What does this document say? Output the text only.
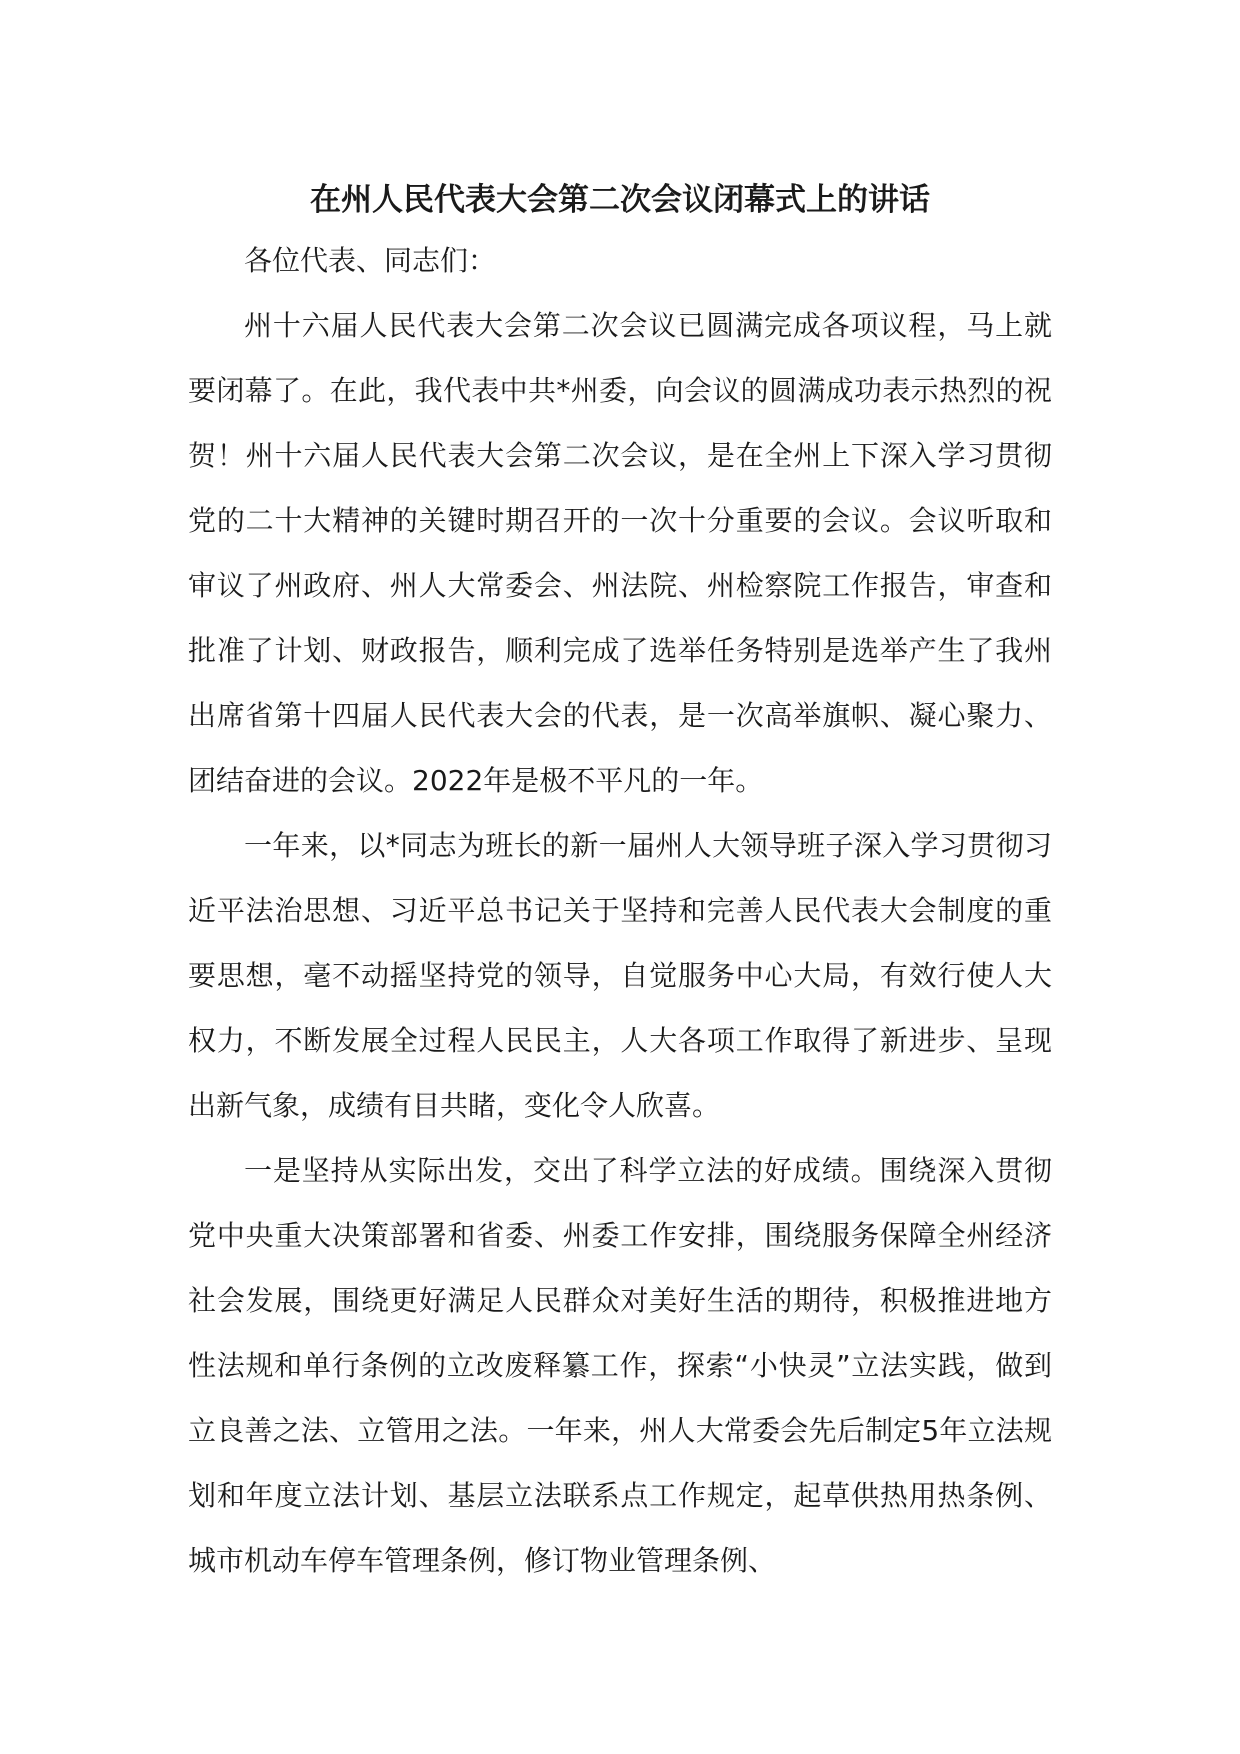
在州人民代表大会第二次会议闭幕式上的讲话

各位代表、同志们：

州十六届人民代表大会第二次会议已圆满完成各项议程，马上就要闭幕了。在此，我代表中共*州委，向会议的圆满成功表示热烈的祝贺！州十六届人民代表大会第二次会议，是在全州上下深入学习贯彻党的二十大精神的关键时期召开的一次十分重要的会议。会议听取和审议了州政府、州人大常委会、州法院、州检察院工作报告，审查和批准了计划、财政报告，顺利完成了选举任务特别是选举产生了我州出席省第十四届人民代表大会的代表，是一次高举旗帜、凝心聚力、团结奋进的会议。2022年是极不平凡的一年。

一年来，以*同志为班长的新一届州人大领导班子深入学习贯彻习近平法治思想、习近平总书记关于坚持和完善人民代表大会制度的重要思想，毫不动摇坚持党的领导，自觉服务中心大局，有效行使人大权力，不断发展全过程人民民主，人大各项工作取得了新进步、呈现出新气象，成绩有目共睹，变化令人欣喜。

一是坚持从实际出发，交出了科学立法的好成绩。围绕深入贯彻党中央重大决策部署和省委、州委工作安排，围绕服务保障全州经济社会发展，围绕更好满足人民群众对美好生活的期待，积极推进地方性法规和单行条例的立改废释纂工作，探索“小快灵”立法实践，做到立良善之法、立管用之法。一年来，州人大常委会先后制定5年立法规划和年度立法计划、基层立法联系点工作规定，起草供热用热条例、城市机动车停车管理条例，修订物业管理条例、
